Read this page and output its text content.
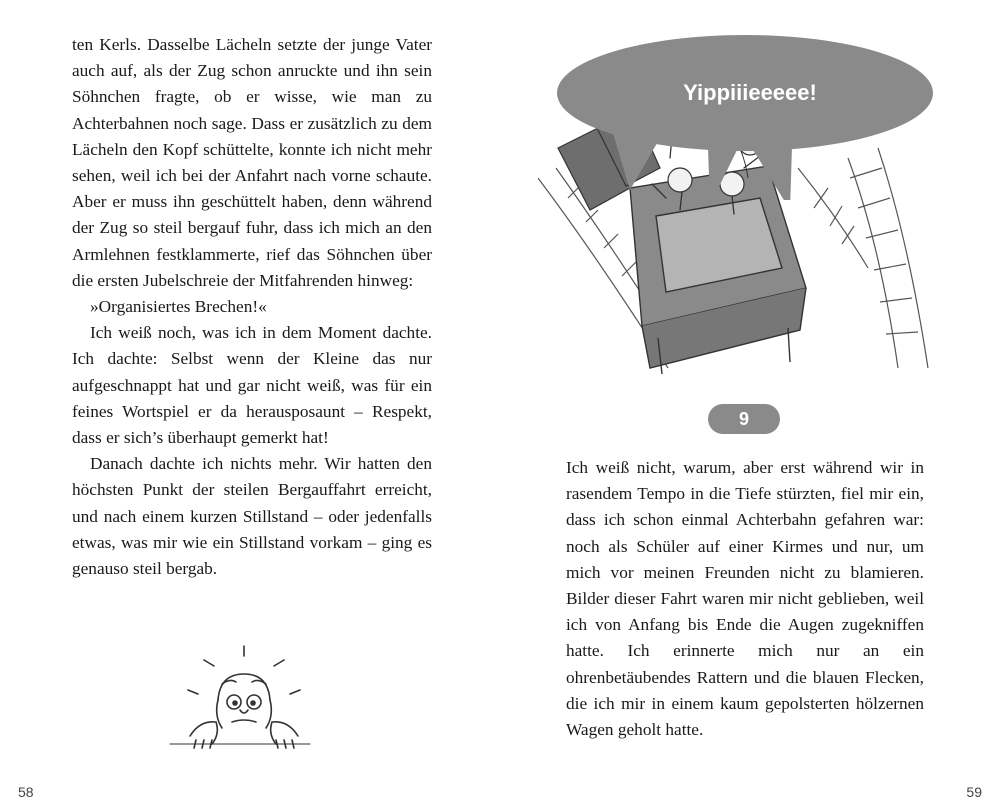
ten Kerls. Dasselbe Lächeln setzte der junge Vater auch auf, als der Zug schon anruckte und ihn sein Söhnchen fragte, ob er wisse, wie man zu Achterbahnen noch sage. Dass er zusätzlich zu dem Lächeln den Kopf schüttelte, konnte ich nicht mehr sehen, weil ich bei der Anfahrt nach vorne schaute. Aber er muss ihn geschüttelt haben, denn während der Zug so steil bergauf fuhr, dass ich mich an den Armlehnen festklammerte, rief das Söhnchen über die ersten Jubelschreie der Mitfahrenden hinweg:

»Organisiertes Brechen!«

Ich weiß noch, was ich in dem Moment dachte. Ich dachte: Selbst wenn der Kleine das nur aufgeschnappt hat und gar nicht weiß, was für ein feines Wortspiel er da herausposaunt – Respekt, dass er sich’s überhaupt gemerkt hat!

Danach dachte ich nichts mehr. Wir hatten den höchsten Punkt der steilen Bergauffahrt erreicht, und nach einem kurzen Stillstand – oder jedenfalls etwas, was mir wie ein Stillstand vorkam – ging es genauso steil bergab.

58
Yippiiieeeee!
9

Ich weiß nicht, warum, aber erst während wir in rasendem Tempo in die Tiefe stürzten, fiel mir ein, dass ich schon einmal Achterbahn gefahren war: noch als Schüler auf einer Kirmes und nur, um mich vor meinen Freunden nicht zu blamieren. Bilder dieser Fahrt waren mir nicht geblieben, weil ich von Anfang bis Ende die Augen zugekniffen hatte. Ich erinnerte mich nur an ein ohrenbetäubendes Rattern und die blauen Flecken, die ich mir in einem kaum gepolsterten hölzernen Wagen geholt hatte.

59
